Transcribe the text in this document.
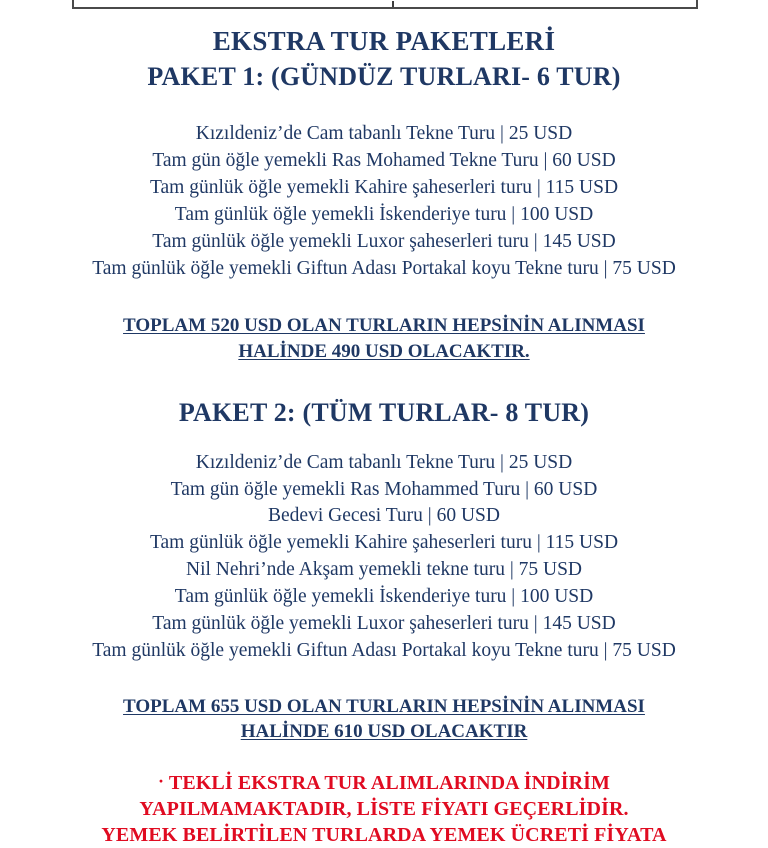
EKSTRA TUR PAKETLERİ
PAKET 1: (GÜNDÜZ TURLARI- 6 TUR)
Kızıldeniz’de Cam tabanlı Tekne Turu | 25 USD
Tam gün öğle yemekli Ras Mohamed Tekne Turu | 60 USD
Tam günlük öğle yemekli Kahire şaheserleri turu | 115 USD
Tam günlük öğle yemekli İskenderiye turu | 100 USD
Tam günlük öğle yemekli Luxor şaheserleri turu | 145 USD
Tam günlük öğle yemekli Giftun Adası Portakal koyu Tekne turu | 75 USD

TOPLAM 520 USD OLAN TURLARIN HEPSİNİN ALINMASI
HALİNDE 490 USD OLACAKTIR.

PAKET 2: (TÜM TURLAR- 8 TUR)
Kızıldeniz’de Cam tabanlı Tekne Turu | 25 USD
Tam gün öğle yemekli Ras Mohammed Turu | 60 USD
Bedevi Gecesi Turu | 60 USD
Tam günlük öğle yemekli Kahire şaheserleri turu | 115 USD
Nil Nehri’nde Akşam yemekli tekne turu | 75 USD
Tam günlük öğle yemekli İskenderiye turu | 100 USD
Tam günlük öğle yemekli Luxor şaheserleri turu | 145 USD
Tam günlük öğle yemekli Giftun Adası Portakal koyu Tekne turu | 75 USD

TOPLAM 655 USD OLAN TURLARIN HEPSİNİN ALINMASI
HALİNDE 610 USD OLACAKTIR

· TEKLİ EKSTRA TUR ALIMLARINDA İNDİRİM
YAPILMAMAKTADIR, LİSTE FİYATI GEÇERLİDİR.
YEMEK BELİRTİLEN TURLARDA YEMEK ÜCRETİ FİYATA
